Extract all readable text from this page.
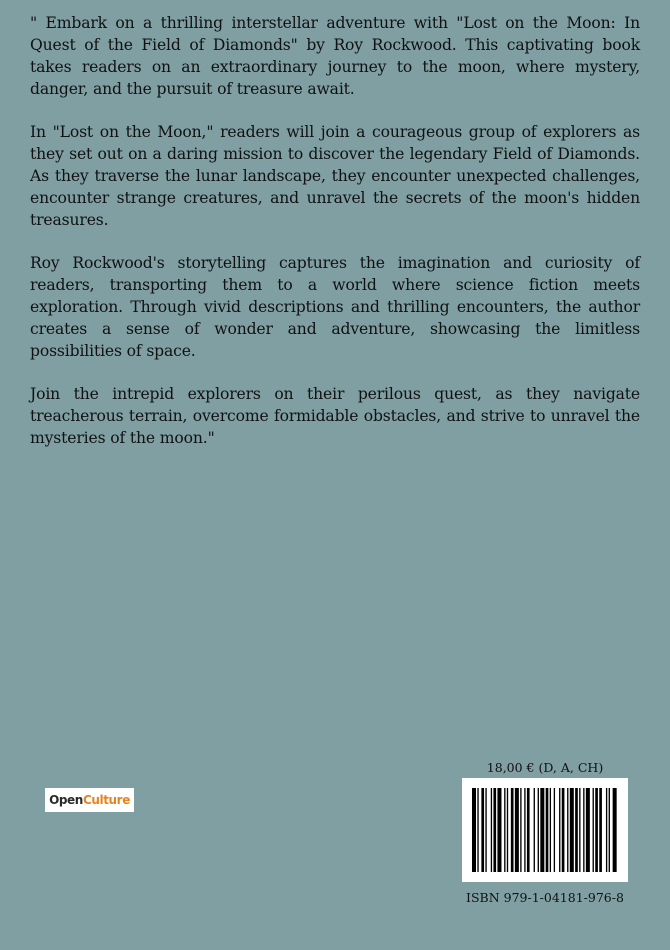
" Embark on a thrilling interstellar adventure with "Lost on the Moon: In Quest of the Field of Diamonds" by Roy Rockwood. This captivating book takes readers on an extraordinary journey to the moon, where mystery, danger, and the pursuit of treasure await.

In "Lost on the Moon," readers will join a courageous group of explorers as they set out on a daring mission to discover the legendary Field of Diamonds. As they traverse the lunar landscape, they encounter unexpected challenges, encounter strange creatures, and unravel the secrets of the moon's hidden treasures.

Roy Rockwood's storytelling captures the imagination and curiosity of readers, transporting them to a world where science fiction meets exploration. Through vivid descriptions and thrilling encounters, the author creates a sense of wonder and adventure, showcasing the limitless possibilities of space.

Join the intrepid explorers on their perilous quest, as they navigate treacherous terrain, overcome formidable obstacles, and strive to unravel the mysteries of the moon."

Open Culture
18,00 € (D, A, CH)
ISBN 979-1-04181-976-8
